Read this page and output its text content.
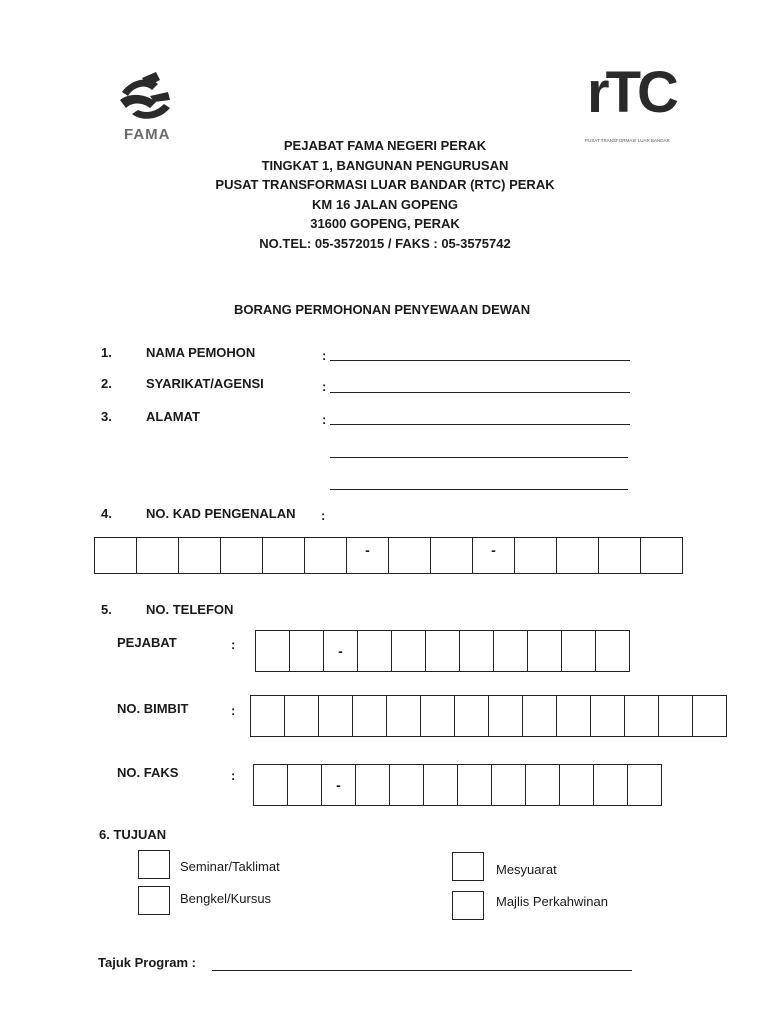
FAMA
rTC
PUSAT TRANSFORMASI LUAR BANDAR
PEJABAT FAMA NEGERI PERAK
TINGKAT 1, BANGUNAN PENGURUSAN
PUSAT TRANSFORMASI LUAR BANDAR (RTC) PERAK
KM 16 JALAN GOPENG
31600 GOPENG, PERAK
NO.TEL: 05-3572015 / FAKS : 05-3575742
BORANG PERMOHONAN PENYEWAAN DEWAN
1.	NAMA PEMOHON	:
2.	SYARIKAT/AGENSI	:
3.	ALAMAT	:
4.	NO. KAD PENGENALAN :
-	-
5.	NO. TELEFON
PEJABAT	:	-
NO. BIMBIT	:
NO. FAKS	:
-
6. TUJUAN
Seminar/Taklimat
Bengkel/Kursus
Mesyuarat
Majlis Perkahwinan
Tajuk Program :
